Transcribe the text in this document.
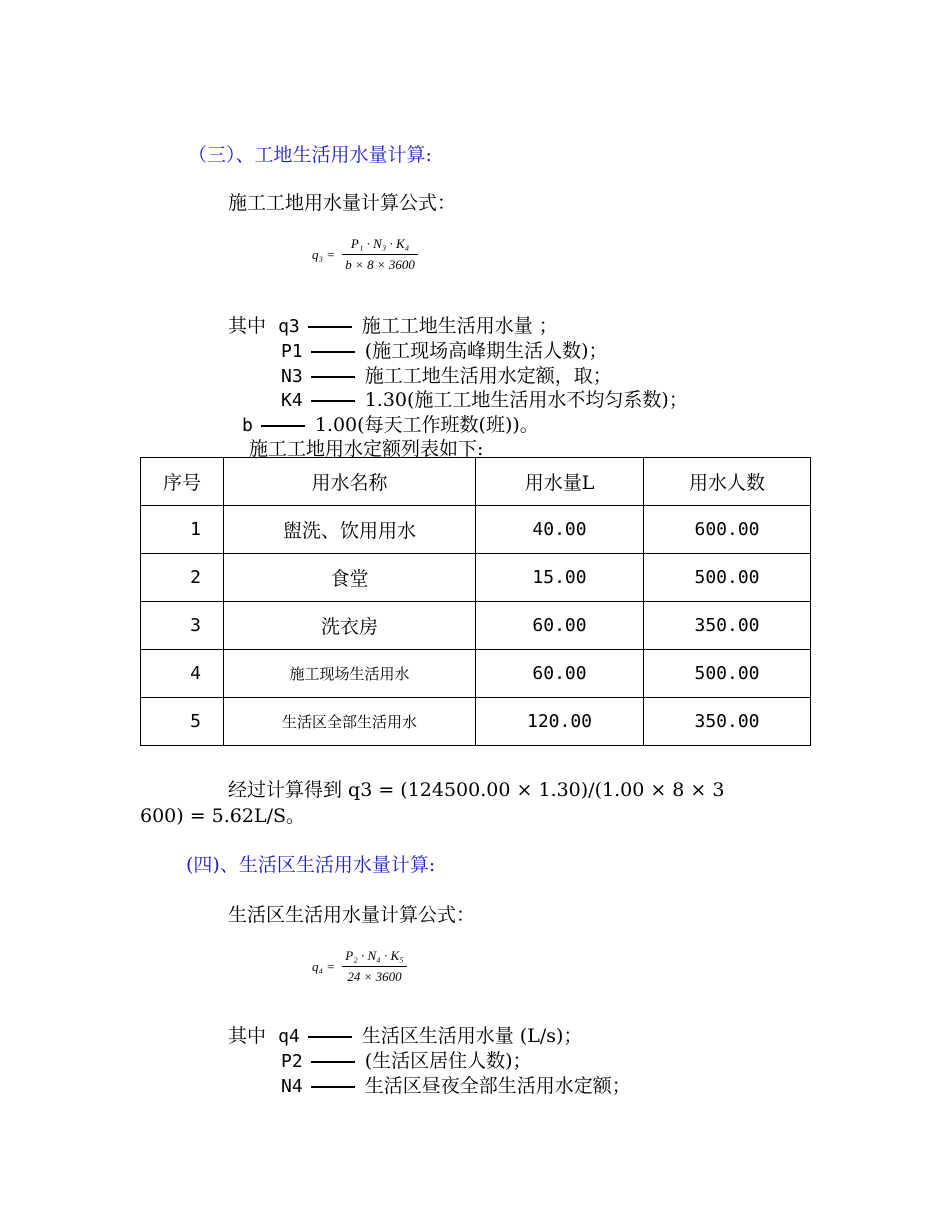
（三）、工地生活用水量计算:
施工工地用水量计算公式：
$q_3 = \frac{\text{P₁ · N₃ · K₄}}{b \times 8 \times 3600}$
其中 q3	施工工地生活用水量 ；
P1	(施工现场高峰期生活人数)；
N3	施工工地生活用水定额，取；
K4	1.30(施工工地生活用水不均匀系数)；
b	1.00(每天工作班数(班))。
施工工地用水定额列表如下:
序号	用水名称	用水量L	用水人数
1	盥洗、饮用用水	40.00	600.00
2	食堂	15.00	500.00
3	洗衣房	60.00	350.00
4	施工现场生活用水	60.00	500.00
5	生活区全部生活用水	120.00	350.00
经过计算得到 q3 = (124500.00 × 1.30)/(1.00 × 8 × 3
600) = 5.62L/S。
(四)、生活区生活用水量计算:
生活区生活用水量计算公式：
$q_4 = \frac{\text{P₂ · N₄ · K₅}}{24 \times 3600}$
其中 q4	生活区生活用水量 (L/s)；
P2	(生活区居住人数)；
N4	生活区昼夜全部生活用水定额；
